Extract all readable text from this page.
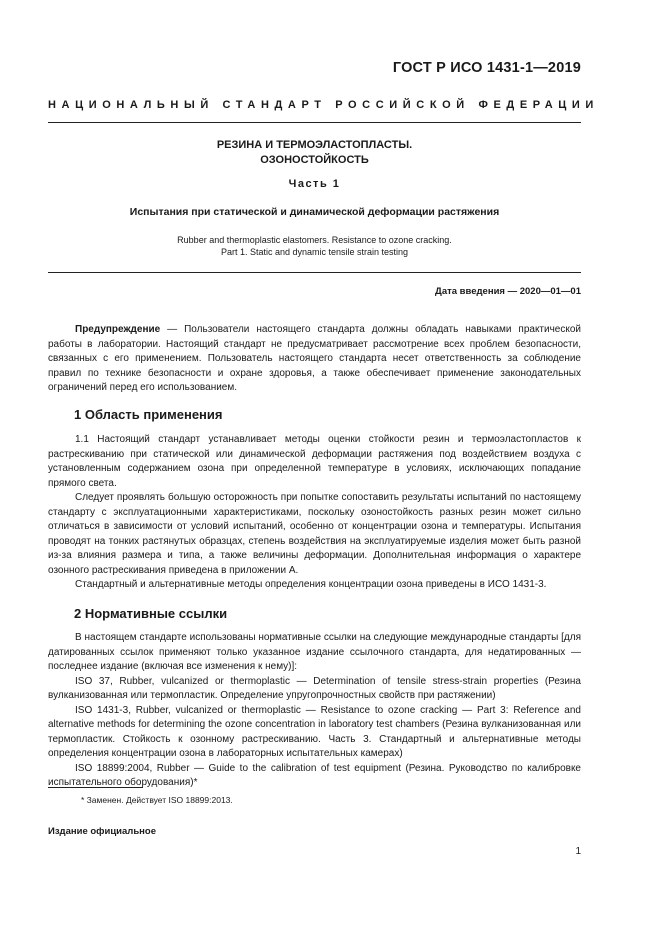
ГОСТ Р ИСО 1431-1—2019
НАЦИОНАЛЬНЫЙ СТАНДАРТ РОССИЙСКОЙ ФЕДЕРАЦИИ
РЕЗИНА И ТЕРМОЭЛАСТОПЛАСТЫ.
ОЗОНОСТОЙКОСТЬ
Часть 1
Испытания при статической и динамической деформации растяжения
Rubber and thermoplastic elastomers. Resistance to ozone cracking.
Part 1. Static and dynamic tensile strain testing
Дата введения — 2020—01—01

Предупреждение — Пользователи настоящего стандарта должны обладать навыками практической работы в лаборатории. Настоящий стандарт не предусматривает рассмотрение всех проблем безопасности, связанных с его применением. Пользователь настоящего стандарта несет ответственность за соблюдение правил по технике безопасности и охране здоровья, а также обеспечивает применение законодательных ограничений перед его использованием.

1 Область применения

1.1 Настоящий стандарт устанавливает методы оценки стойкости резин и термоэластопластов к растрескиванию при статической или динамической деформации растяжения под воздействием воздуха с установленным содержанием озона при определенной температуре в условиях, исключающих попадание прямого света.

Следует проявлять большую осторожность при попытке сопоставить результаты испытаний по настоящему стандарту с эксплуатационными характеристиками, поскольку озоностойкость разных резин может сильно отличаться в зависимости от условий испытаний, особенно от концентрации озона и температуры. Испытания проводят на тонких растянутых образцах, степень воздействия на эксплуатируемые изделия может быть разной из-за влияния размера и типа, а также величины деформации. Дополнительная информация о характере озонного растрескивания приведена в приложении А.

Стандартный и альтернативные методы определения концентрации озона приведены в ИСО 1431-3.

2 Нормативные ссылки

В настоящем стандарте использованы нормативные ссылки на следующие международные стандарты [для датированных ссылок применяют только указанное издание ссылочного стандарта, для недатированных — последнее издание (включая все изменения к нему)]:

ISO 37, Rubber, vulcanized or thermoplastic — Determination of tensile stress-strain properties (Резина вулканизованная или термопластик. Определение упругопрочностных свойств при растяжении)

ISO 1431-3, Rubber, vulcanized or thermoplastic — Resistance to ozone cracking — Part 3: Reference and alternative methods for determining the ozone concentration in laboratory test chambers (Резина вулканизованная или термопластик. Стойкость к озонному растрескиванию. Часть 3. Стандартный и альтернативные методы определения концентрации озона в лабораторных испытательных камерах)

ISO 18899:2004, Rubber — Guide to the calibration of test equipment (Резина. Руководство по калибровке испытательного оборудования)*

* Заменен. Действует ISO 18899:2013.
Издание официальное
1
